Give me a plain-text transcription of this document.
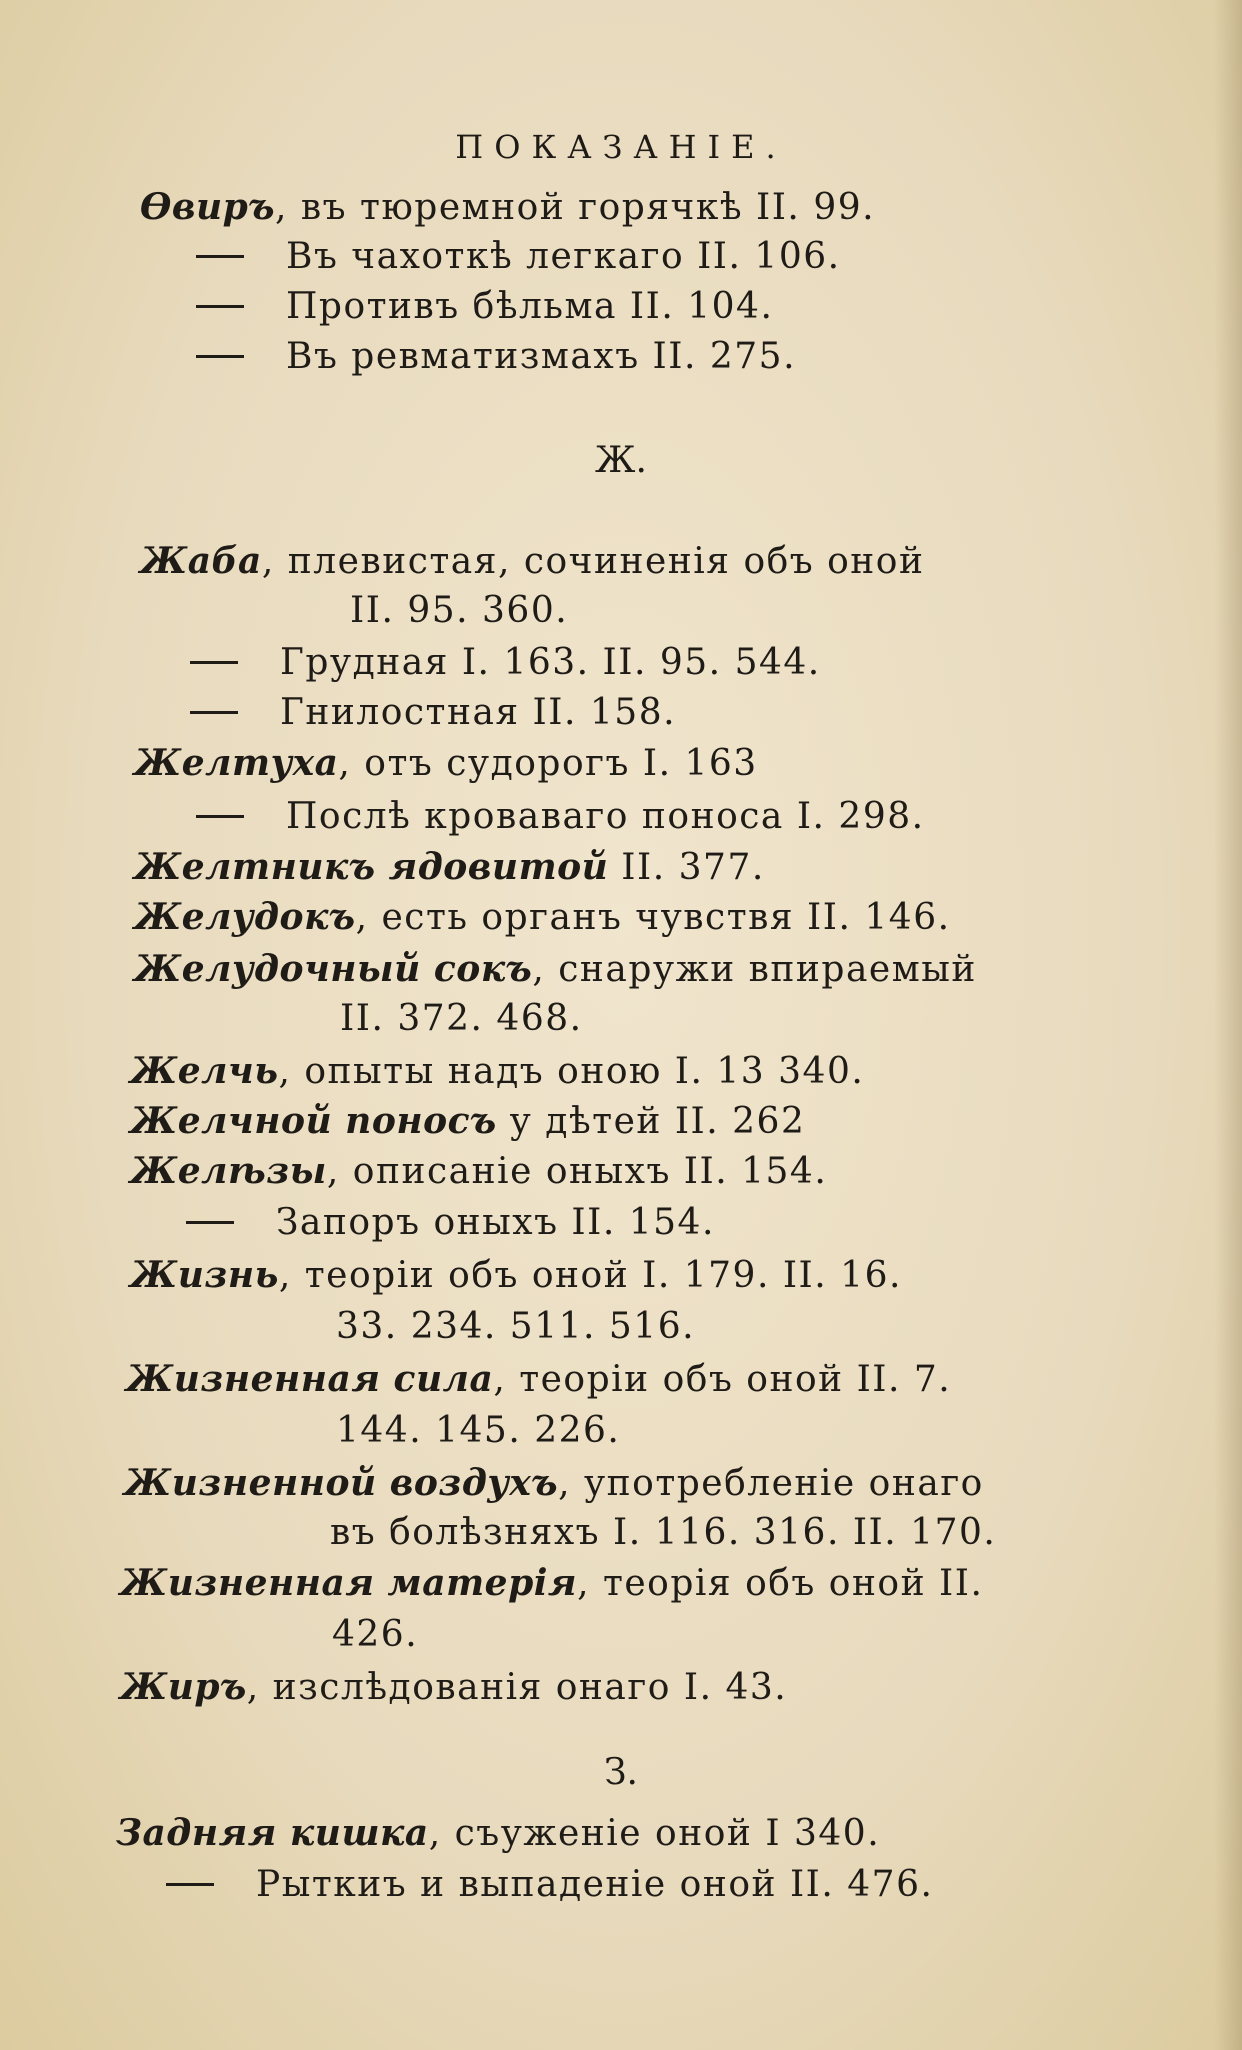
ПОКАЗАНІЕ.
Ѳвиръ, въ тюремной горячкѣ II. 99.
Въ чахоткѣ легкаго II. 106.
Противъ бѣльма II. 104.
Въ ревматизмахъ II. 275.
Ж.
Жаба, плевистая, сочиненія объ оной
II. 95. 360.
Грудная I. 163. II. 95. 544.
Гнилостная II. 158.
Желтуха, отъ судорогъ I. 163
Послѣ кроваваго поноса I. 298.
Желтникъ ядовитой II. 377.
Желудокъ, есть органъ чувствя II. 146.
Желудочный сокъ, снаружи впираемый
II. 372. 468.
Желчь, опыты надъ оною I. 13 340.
Желчной поносъ у дѣтей II. 262
Желѣзы, описаніе оныхъ II. 154.
Запоръ оныхъ II. 154.
Жизнь, теоріи объ оной I. 179. II. 16.
33. 234. 511. 516.
Жизненная сила, теоріи объ оной II. 7.
144. 145. 226.
Жизненной воздухъ, употребленіе онаго
въ болѣзняхъ I. 116. 316. II. 170.
Жизненная матерія, теорія объ оной II.
426.
Жиръ, изслѣдованія онаго I. 43.
З.
Задняя кишка, съуженіе оной I 340.
Рыткиъ и выпаденіе оной II. 476.
